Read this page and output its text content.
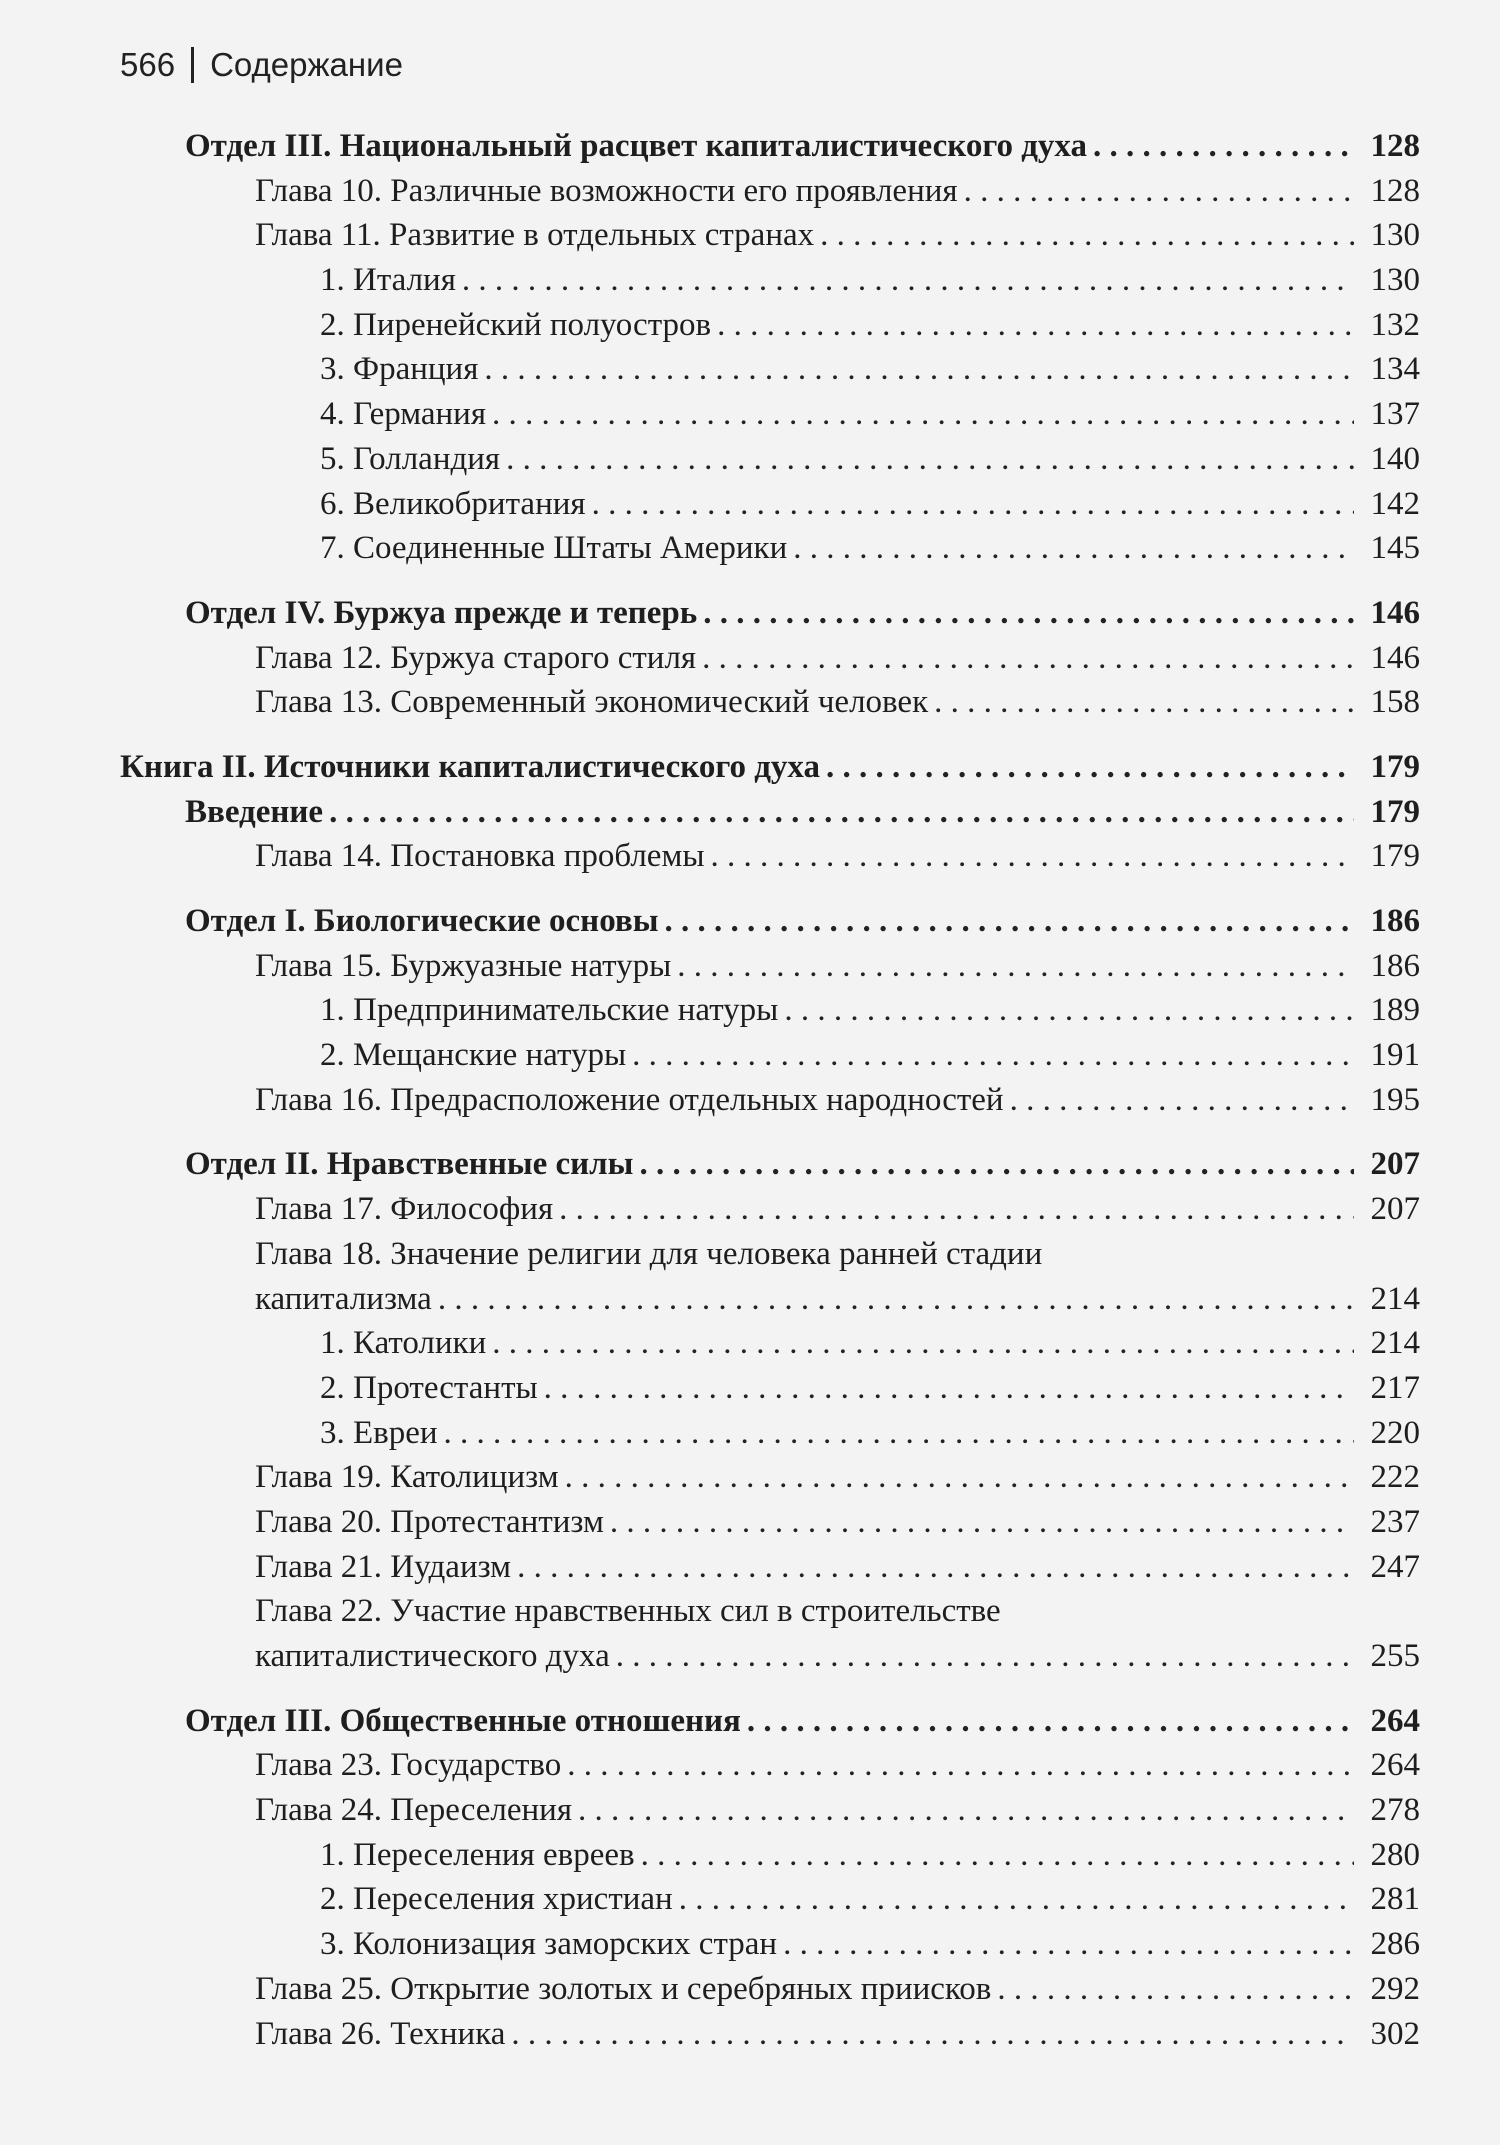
566 Содержание
Отдел III. Национальный расцвет капиталистического духа . . .	128
Глава 10. Различные возможности его проявления . . .	128
Глава 11. Развитие в отдельных странах . . .	130
1. Италия . . .	130
2. Пиренейский полуостров . . .	132
3. Франция . . .	134
4. Германия . . .	137
5. Голландия . . .	140
6. Великобритания . . .	142
7. Соединенные Штаты Америки . . .	145
Отдел IV. Буржуа прежде и теперь . . .	146
Глава 12. Буржуа старого стиля . . .	146
Глава 13. Современный экономический человек . . .	158
Книга II. Источники капиталистического духа . . .	179
Введение . . .	179
Глава 14. Постановка проблемы . . .	179
Отдел I. Биологические основы . . .	186
Глава 15. Буржуазные натуры . . .	186
1. Предпринимательские натуры . . .	189
2. Мещанские натуры . . .	191
Глава 16. Предрасположение отдельных народностей . . .	195
Отдел II. Нравственные силы . . .	207
Глава 17. Философия . . .	207
Глава 18. Значение религии для человека ранней стадии
капитализма . . .	214
1. Католики . . .	214
2. Протестанты . . .	217
3. Евреи . . .	220
Глава 19. Католицизм . . .	222
Глава 20. Протестантизм . . .	237
Глава 21. Иудаизм . . .	247
Глава 22. Участие нравственных сил в строительстве
капиталистического духа . . .	255
Отдел III. Общественные отношения . . .	264
Глава 23. Государство . . .	264
Глава 24. Переселения . . .	278
1. Переселения евреев . . .	280
2. Переселения христиан . . .	281
3. Колонизация заморских стран . . .	286
Глава 25. Открытие золотых и серебряных приисков . . .	292
Глава 26. Техника . . .	302
